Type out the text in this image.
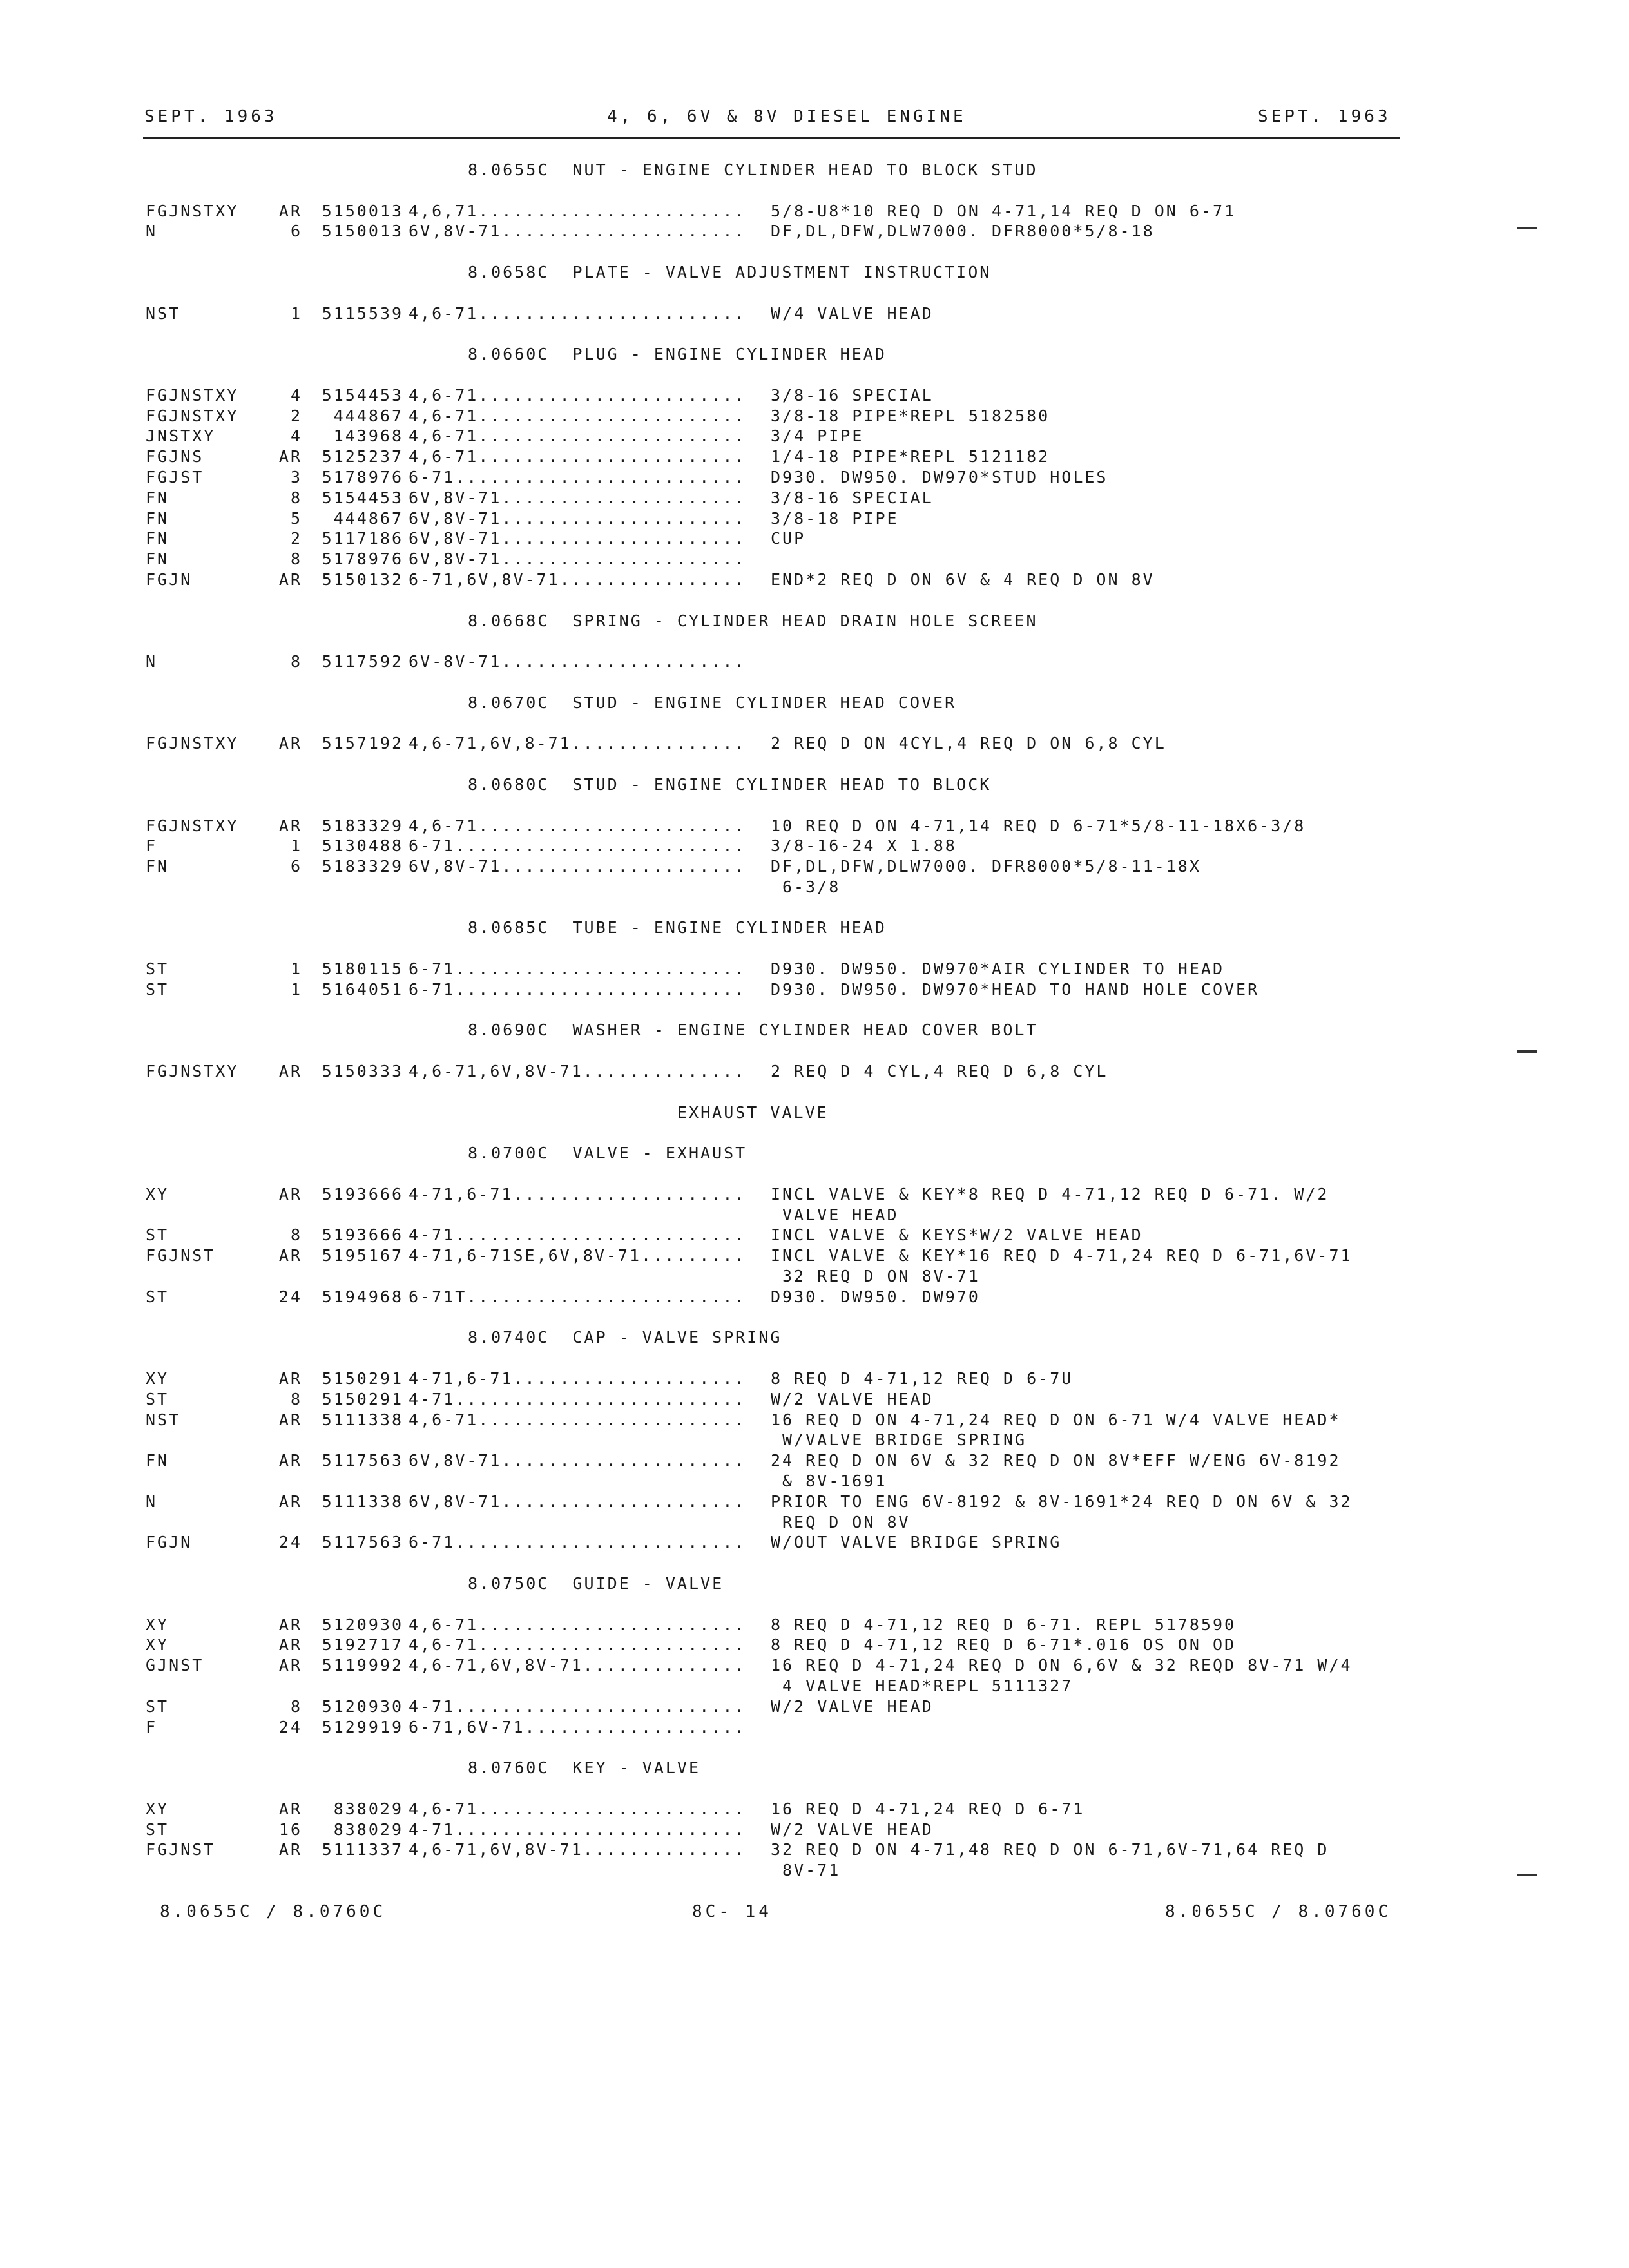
SEPT. 1963	4, 6, 6V & 8V DIESEL ENGINE	SEPT. 1963
8.0655C  NUT - ENGINE CYLINDER HEAD TO BLOCK STUD
FGJNSTXY	AR	5150013 4,6,71....................... 5/8-U8*10 REQ D ON 4-71,14 REQ D ON 6-71
N	6	5150013 6V,8V-71..................... DF,DL,DFW,DLW7000. DFR8000*5/8-18
8.0658C  PLATE - VALVE ADJUSTMENT INSTRUCTION
NST	1	5115539 4,6-71....................... W/4 VALVE HEAD
8.0660C  PLUG - ENGINE CYLINDER HEAD
FGJNSTXY	4	5154453 4,6-71....................... 3/8-16 SPECIAL
FGJNSTXY	2	444867 4,6-71....................... 3/8-18 PIPE*REPL 5182580
JNSTXY	4	143968 4,6-71....................... 3/4 PIPE
FGJNS	AR	5125237 4,6-71....................... 1/4-18 PIPE*REPL 5121182
FGJST	3	5178976 6-71......................... D930. DW950. DW970*STUD HOLES
FN	8	5154453 6V,8V-71..................... 3/8-16 SPECIAL
FN	5	444867 6V,8V-71..................... 3/8-18 PIPE
FN	2	5117186 6V,8V-71..................... CUP
FN	8	5178976 6V,8V-71.....................
FGJN	AR	5150132 6-71,6V,8V-71................ END*2 REQ D ON 6V & 4 REQ D ON 8V
8.0668C  SPRING - CYLINDER HEAD DRAIN HOLE SCREEN
N	8	5117592 6V-8V-71.....................
8.0670C  STUD - ENGINE CYLINDER HEAD COVER
FGJNSTXY	AR	5157192 4,6-71,6V,8-71............... 2 REQ D ON 4CYL,4 REQ D ON 6,8 CYL
8.0680C  STUD - ENGINE CYLINDER HEAD TO BLOCK
FGJNSTXY	AR	5183329 4,6-71....................... 10 REQ D ON 4-71,14 REQ D 6-71*5/8-11-18X6-3/8
F	1	5130488 6-71......................... 3/8-16-24 X 1.88
FN	6	5183329 6V,8V-71..................... DF,DL,DFW,DLW7000. DFR8000*5/8-11-18X
6-3/8
8.0685C  TUBE - ENGINE CYLINDER HEAD
ST	1	5180115 6-71......................... D930. DW950. DW970*AIR CYLINDER TO HEAD
ST	1	5164051 6-71......................... D930. DW950. DW970*HEAD TO HAND HOLE COVER
8.0690C  WASHER - ENGINE CYLINDER HEAD COVER BOLT
FGJNSTXY	AR	5150333 4,6-71,6V,8V-71.............. 2 REQ D 4 CYL,4 REQ D 6,8 CYL
EXHAUST VALVE
8.0700C  VALVE - EXHAUST
XY	AR	5193666 4-71,6-71.................... INCL VALVE & KEY*8 REQ D 4-71,12 REQ D 6-71. W/2
VALVE HEAD
ST	8	5193666 4-71......................... INCL VALVE & KEYS*W/2 VALVE HEAD
FGJNST	AR	5195167 4-71,6-71SE,6V,8V-71......... INCL VALVE & KEY*16 REQ D 4-71,24 REQ D 6-71,6V-71
32 REQ D ON 8V-71
ST	24	5194968 6-71T........................ D930. DW950. DW970
8.0740C  CAP - VALVE SPRING
XY	AR	5150291 4-71,6-71.................... 8 REQ D 4-71,12 REQ D 6-7U
ST	8	5150291 4-71......................... W/2 VALVE HEAD
NST	AR	5111338 4,6-71....................... 16 REQ D ON 4-71,24 REQ D ON 6-71 W/4 VALVE HEAD*
W/VALVE BRIDGE SPRING
FN	AR	5117563 6V,8V-71..................... 24 REQ D ON 6V & 32 REQ D ON 8V*EFF W/ENG 6V-8192
& 8V-1691
N	AR	5111338 6V,8V-71..................... PRIOR TO ENG 6V-8192 & 8V-1691*24 REQ D ON 6V & 32
REQ D ON 8V
FGJN	24	5117563 6-71......................... W/OUT VALVE BRIDGE SPRING
8.0750C  GUIDE - VALVE
XY	AR	5120930 4,6-71....................... 8 REQ D 4-71,12 REQ D 6-71. REPL 5178590
XY	AR	5192717 4,6-71....................... 8 REQ D 4-71,12 REQ D 6-71*.016 OS ON OD
GJNST	AR	5119992 4,6-71,6V,8V-71.............. 16 REQ D 4-71,24 REQ D ON 6,6V & 32 REQD 8V-71 W/4
4 VALVE HEAD*REPL 5111327
ST	8	5120930 4-71......................... W/2 VALVE HEAD
F	24	5129919 6-71,6V-71...................
8.0760C  KEY - VALVE
XY	AR	838029 4,6-71....................... 16 REQ D 4-71,24 REQ D 6-71
ST	16	838029 4-71......................... W/2 VALVE HEAD
FGJNST	AR	5111337 4,6-71,6V,8V-71.............. 32 REQ D ON 4-71,48 REQ D ON 6-71,6V-71,64 REQ D
8V-71
8.0655C / 8.0760C	8C- 14	8.0655C / 8.0760C
